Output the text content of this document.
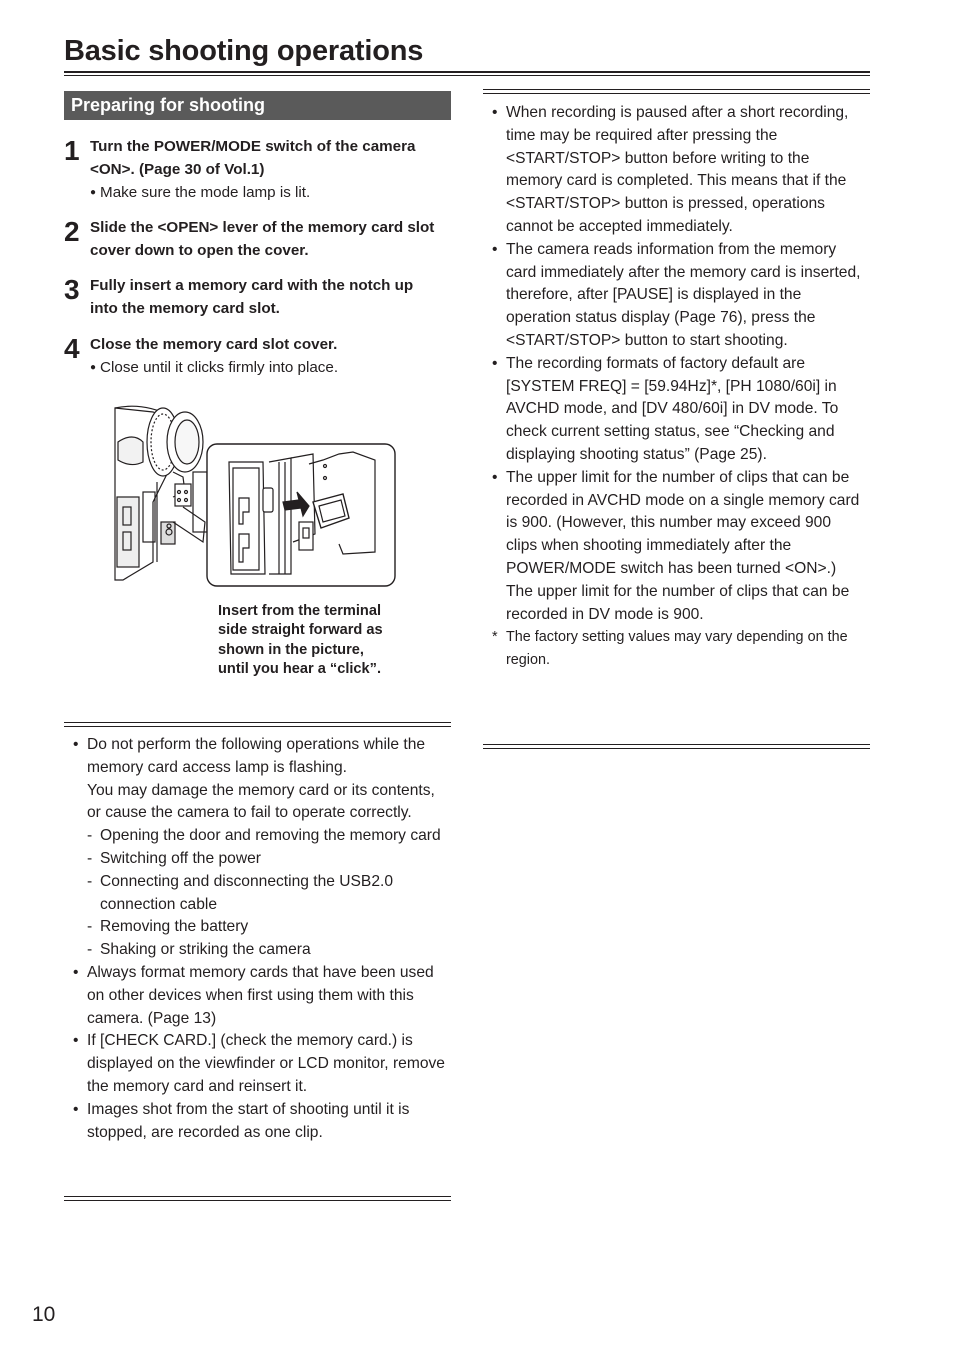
Basic shooting operations
Preparing for shooting
1 Turn the POWER/MODE switch of the camera <ON>. (Page 30 of Vol.1)
● Make sure the mode lamp is lit.
2 Slide the <OPEN> lever of the memory card slot cover down to open the cover.
3 Fully insert a memory card with the notch up into the memory card slot.
4 Close the memory card slot cover.
● Close until it clicks firmly into place.
Insert from the terminal side straight forward as shown in the picture, until you hear a “click”.
• Do not perform the following operations while the memory card access lamp is flashing.
You may damage the memory card or its contents, or cause the camera to fail to operate correctly.
- Opening the door and removing the memory card
- Switching off the power
- Connecting and disconnecting the USB2.0 connection cable
- Removing the battery
- Shaking or striking the camera
• Always format memory cards that have been used on other devices when first using them with this camera. (Page 13)
• If [CHECK CARD.] (check the memory card.) is displayed on the viewfinder or LCD monitor, remove the memory card and reinsert it.
• Images shot from the start of shooting until it is stopped, are recorded as one clip.
• When recording is paused after a short recording, time may be required after pressing the <START/STOP> button before writing to the memory card is completed. This means that if the <START/STOP> button is pressed, operations cannot be accepted immediately.
• The camera reads information from the memory card immediately after the memory card is inserted, therefore, after [PAUSE] is displayed in the operation status display (Page 76), press the <START/STOP> button to start shooting.
• The recording formats of factory default are [SYSTEM FREQ] = [59.94Hz]*, [PH 1080/60i] in AVCHD mode, and [DV 480/60i] in DV mode. To check current setting status, see “Checking and displaying shooting status” (Page 25).
• The upper limit for the number of clips that can be recorded in AVCHD mode on a single memory card is 900. (However, this number may exceed 900 clips when shooting immediately after the POWER/MODE switch has been turned <ON>.)
The upper limit for the number of clips that can be recorded in DV mode is 900.
* The factory setting values may vary depending on the region.
10
